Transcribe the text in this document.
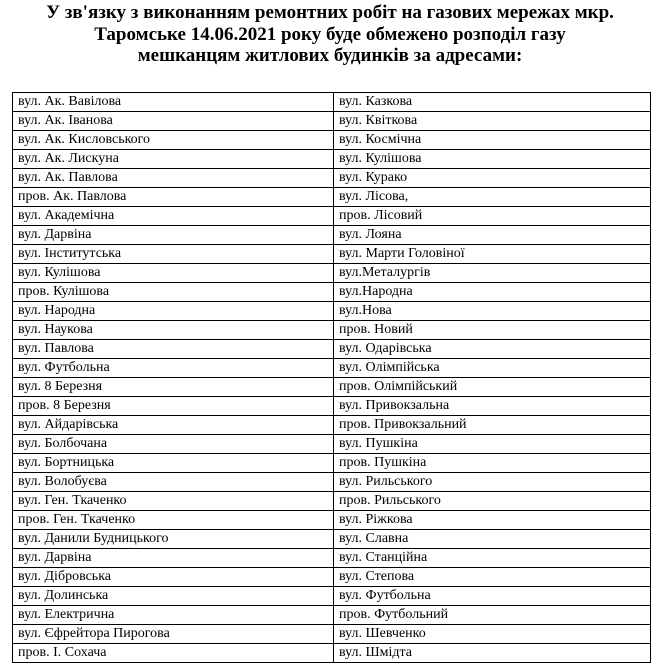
У зв'язку з виконанням ремонтних робіт на газових мережах мкр.
Таромське 14.06.2021 року буде обмежено розподіл газу
мешканцям житлових будинків за адресами:
вул. Ак. Вавілова	вул. Казкова
вул. Ак. Іванова	вул. Квіткова
вул. Ак. Кисловського	вул. Космічна
вул. Ак. Лискуна	вул. Кулішова
вул. Ак. Павлова	вул. Курако
пров. Ак. Павлова	вул. Лісова,
вул. Академічна	пров. Лісовий
вул. Дарвіна	вул. Лояна
вул. Інститутська	вул. Марти Головіної
вул. Кулішова	вул.Металургів
пров. Кулішова	вул.Народна
вул. Народна	вул.Нова
вул. Наукова	пров. Новий
вул. Павлова	вул. Одарівська
вул. Футбольна	вул. Олімпійська
вул. 8 Березня	пров. Олімпійський
пров. 8 Березня	вул. Привокзальна
вул. Айдарівська	пров. Привокзальний
вул. Болбочана	вул. Пушкіна
вул. Бортницька	пров. Пушкіна
вул. Волобуєва	вул. Рильського
вул. Ген. Ткаченко	пров. Рильського
пров. Ген. Ткаченко	вул. Ріжкова
вул. Данили Будницького	вул. Славна
вул. Дарвіна	вул. Станційна
вул. Дібровська	вул. Степова
вул. Долинська	вул. Футбольна
вул. Електрична	пров. Футбольний
вул. Єфрейтора Пирогова	вул. Шевченко
пров. І. Сохача	вул. Шмідта
